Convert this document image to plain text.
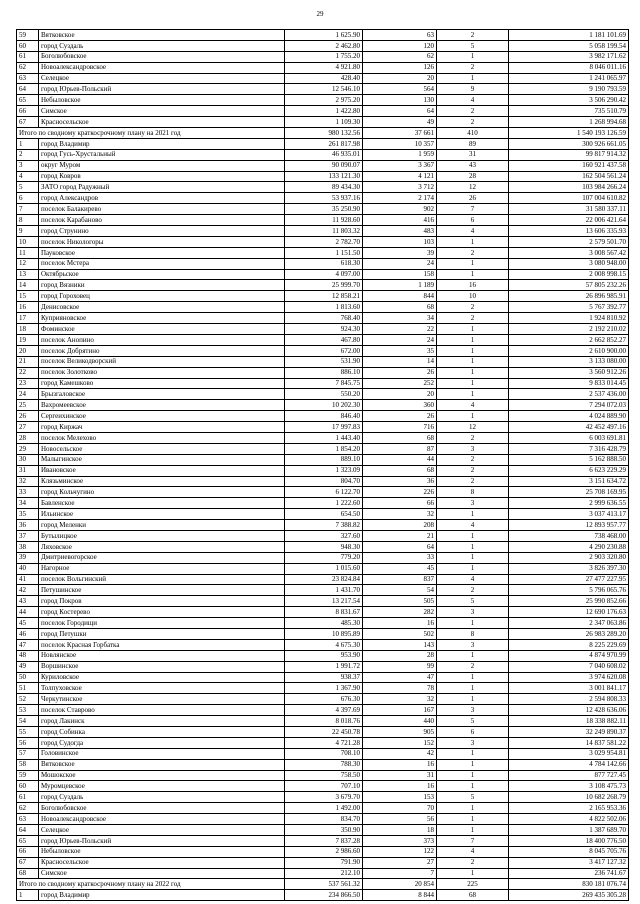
29
59	Вятковское	1 625.90	63	2	1 181 101.69
60	город Суздаль	2 462.80	120	5	5 058 199.54
61	Боголюбовское	1 755.20	62	1	3 982 171.62
62	Новоалександровское	4 921.80	126	2	8 046 011.16
63	Селецкое	428.40	20	1	1 241 065.97
64	город Юрьев-Польский	12 546.10	564	9	9 190 793.59
65	Небыловское	2 975.20	130	4	3 506 290.42
66	Симское	1 422.80	64	2	735 510.79
67	Красносельское	1 109.30	49	2	1 268 994.68
Итого по сводному краткосрочному плану на 2021 год		980 132.56	37 661	410	1 540 193 126.59
1	город Владимир	261 817.98	10 357	89	300 926 661.05
2	город Гусь-Хрустальный	46 935.01	1 959	31	99 817 914.32
3	округ Муром	90 090.07	3 367	43	160 921 437.58
4	город Ковров	133 121.30	4 121	28	162 504 561.24
5	ЗАТО город Радужный	89 434.30	3 712	12	103 984 266.24
6	город Александров	53 937.16	2 174	26	107 004 610.82
7	поселок Балакирево	35 250.90	902	7	31 580 337.11
8	поселок Карабаново	11 928.60	416	6	22 006 421.64
9	город Струнино	11 803.32	483	4	13 606 335.93
10	поселок Никологоры	2 782.70	103	1	2 579 501.70
11	Пауковское	1 151.50	39	2	3 008 567.42
12	поселок Мстера	618.30	24	1	3 080 948.00
13	Октябрьское	4 097.00	158	1	2 008 998.15
14	город Вязники	25 999.70	1 189	16	57 805 232.26
15	город Гороховец	12 858.21	844	10	26 896 985.91
16	Денисовское	1 813.60	68	2	5 767 392.77
17	Куприяновское	768.40	34	2	1 924 810.92
18	Фоминское	924.30	22	1	2 192 210.02
19	поселок Анопино	467.80	24	1	2 662 852.27
20	поселок Добрятино	672.00	35	1	2 610 900.00
21	поселок Великодворский	531.90	14	1	3 133 080.00
22	поселок Золотково	886.10	26	1	3 560 912.26
23	город Камешково	7 845.75	252	1	9 833 014.45
24	Брызгаловское	550.20	20	1	2 537 436.00
25	Вахромеевское	10 202.30	360	4	7 294 072.03
26	Сергеихинское	846.40	26	1	4 024 889.90
27	город Киржач	17 997.83	716	12	42 452 497.16
28	поселок Мелехово	1 443.40	68	2	6 003 691.81
29	Новосельское	1 854.20	87	3	7 316 428.79
30	Малыгинское	889.10	44	2	5 162 888.50
31	Ивановское	1 323.09	68	2	6 623 229.29
32	Клязьминское	804.70	36	2	3 151 634.72
33	город Кольчугино	6 122.70	226	8	25 708 169.95
34	Бавленское	1 222.60	66	3	2 999 636.55
35	Ильинское	654.50	32	1	3 037 413.17
36	город Меленки	7 388.82	208	4	12 893 957.77
37	Бутылицкое	327.60	21	1	738 468.00
38	Ляховское	948.30	64	1	4 290 230.88
39	Дмитриевогорское	779.20	33	1	2 903 320.80
40	Нагорное	1 015.60	45	1	3 826 397.30
41	поселок Вольгинский	23 824.84	837	4	27 477 227.95
42	Петушинское	1 431.70	54	2	5 796 065.76
43	город Покров	13 217.54	505	5	25 990 852.66
44	город Костерево	8 831.67	282	3	12 690 176.63
45	поселок Городищи	485.30	16	1	2 347 063.86
46	город Петушки	10 895.89	502	8	26 983 289.20
47	поселок Красная Горбатка	4 675.30	143	3	8 225 229.69
48	Новлянское	953.90	28	1	4 874 970.99
49	Воршинское	1 991.72	99	2	7 040 608.02
50	Куриловское	938.37	47	1	3 974 620.08
51	Толпуховское	1 367.90	78	1	3 001 841.17
52	Черкутинское	676.30	32	1	2 594 808.33
53	поселок Ставрово	4 397.69	167	3	12 428 636.06
54	город Лакинск	8 018.76	440	5	18 338 882.11
55	город Собинка	22 450.78	905	6	32 249 890.37
56	город Судогда	4 721.28	152	3	14 837 581.22
57	Головинское	708.10	42	1	3 029 954.81
58	Вятковское	788.30	16	1	4 784 142.66
59	Мошокское	758.50	31	1	877 727.45
60	Муромцевское	707.10	16	1	3 108 475.73
61	город Суздаль	3 679.70	153	5	10 682 268.79
62	Боголюбовское	1 492.00	70	1	2 165 953.36
63	Новоалександровское	834.70	56	1	4 822 502.06
64	Селецкое	350.90	18	1	1 387 689.70
65	город Юрьев-Польский	7 837.28	373	7	18 400 776.50
66	Небыловское	2 986.60	122	4	8 045 705.76
67	Красносельское	791.90	27	2	3 417 127.32
68	Симское	212.10	7	1	236 741.67
Итого по сводному краткосрочному плану на 2022 год		537 561.32	20 854	225	830 181 076.74
1	город Владимир	234 866.50	8 844	68	269 435 305.28
